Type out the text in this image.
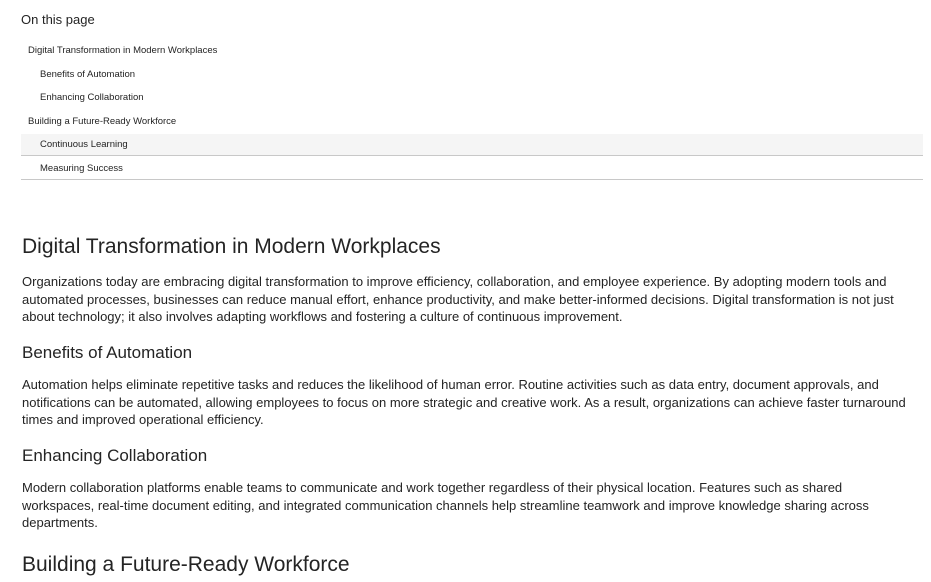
On this page
Digital Transformation in Modern Workplaces
Benefits of Automation
Enhancing Collaboration
Building a Future-Ready Workforce
Continuous Learning
Measuring Success
Digital Transformation in Modern Workplaces

Organizations today are embracing digital transformation to improve efficiency, collaboration, and employee experience. By adopting modern tools and automated processes, businesses can reduce manual effort, enhance productivity, and make better-informed decisions. Digital transformation is not just about technology; it also involves adapting workflows and fostering a culture of continuous improvement.

Benefits of Automation

Automation helps eliminate repetitive tasks and reduces the likelihood of human error. Routine activities such as data entry, document approvals, and notifications can be automated, allowing employees to focus on more strategic and creative work. As a result, organizations can achieve faster turnaround times and improved operational efficiency.

Enhancing Collaboration

Modern collaboration platforms enable teams to communicate and work together regardless of their physical location. Features such as shared workspaces, real-time document editing, and integrated communication channels help streamline teamwork and improve knowledge sharing across departments.

Building a Future-Ready Workforce
